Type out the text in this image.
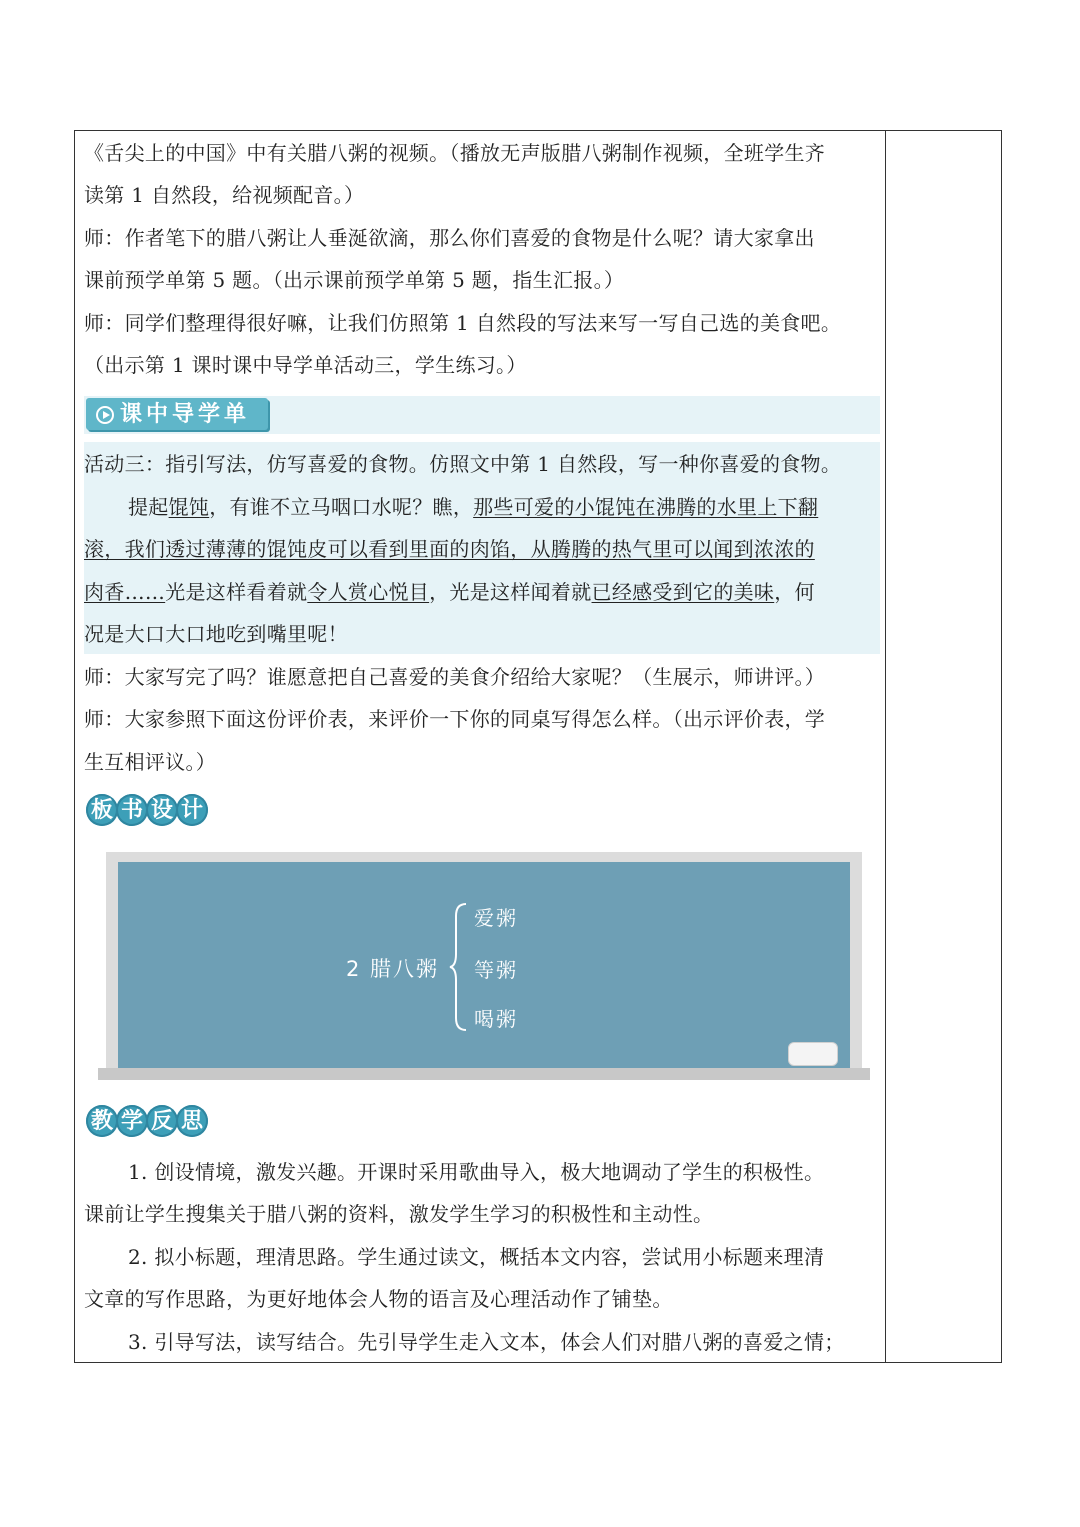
《舌尖上的中国》中有关腊八粥的视频。（播放无声版腊八粥制作视频，全班学生齐
读第 1 自然段，给视频配音。）
师：作者笔下的腊八粥让人垂涎欲滴，那么你们喜爱的食物是什么呢？请大家拿出
课前预学单第 5 题。（出示课前预学单第 5 题，指生汇报。）
师：同学们整理得很好嘛，让我们仿照第 1 自然段的写法来写一写自己选的美食吧。
（出示第 1 课时课中导学单活动三，学生练习。）
课中导学单
活动三：指引写法，仿写喜爱的食物。仿照文中第 1 自然段，写一种你喜爱的食物。
提起馄饨，有谁不立马咽口水呢？瞧，那些可爱的小馄饨在沸腾的水里上下翻
滚，我们透过薄薄的馄饨皮可以看到里面的肉馅，从腾腾的热气里可以闻到浓浓的
肉香……光是这样看着就令人赏心悦目，光是这样闻着就已经感受到它的美味，何
况是大口大口地吃到嘴里呢！
师：大家写完了吗？谁愿意把自己喜爱的美食介绍给大家呢？（生展示，师讲评。）
师：大家参照下面这份评价表，来评价一下你的同桌写得怎么样。（出示评价表，学
生互相评议。）
板 书 设 计
2 腊八粥
爱粥
等粥
喝粥
教 学 反 思
1. 创设情境，激发兴趣。开课时采用歌曲导入，极大地调动了学生的积极性。
课前让学生搜集关于腊八粥的资料，激发学生学习的积极性和主动性。
2. 拟小标题，理清思路。学生通过读文，概括本文内容，尝试用小标题来理清
文章的写作思路，为更好地体会人物的语言及心理活动作了铺垫。
3. 引导写法，读写结合。先引导学生走入文本，体会人们对腊八粥的喜爱之情；
